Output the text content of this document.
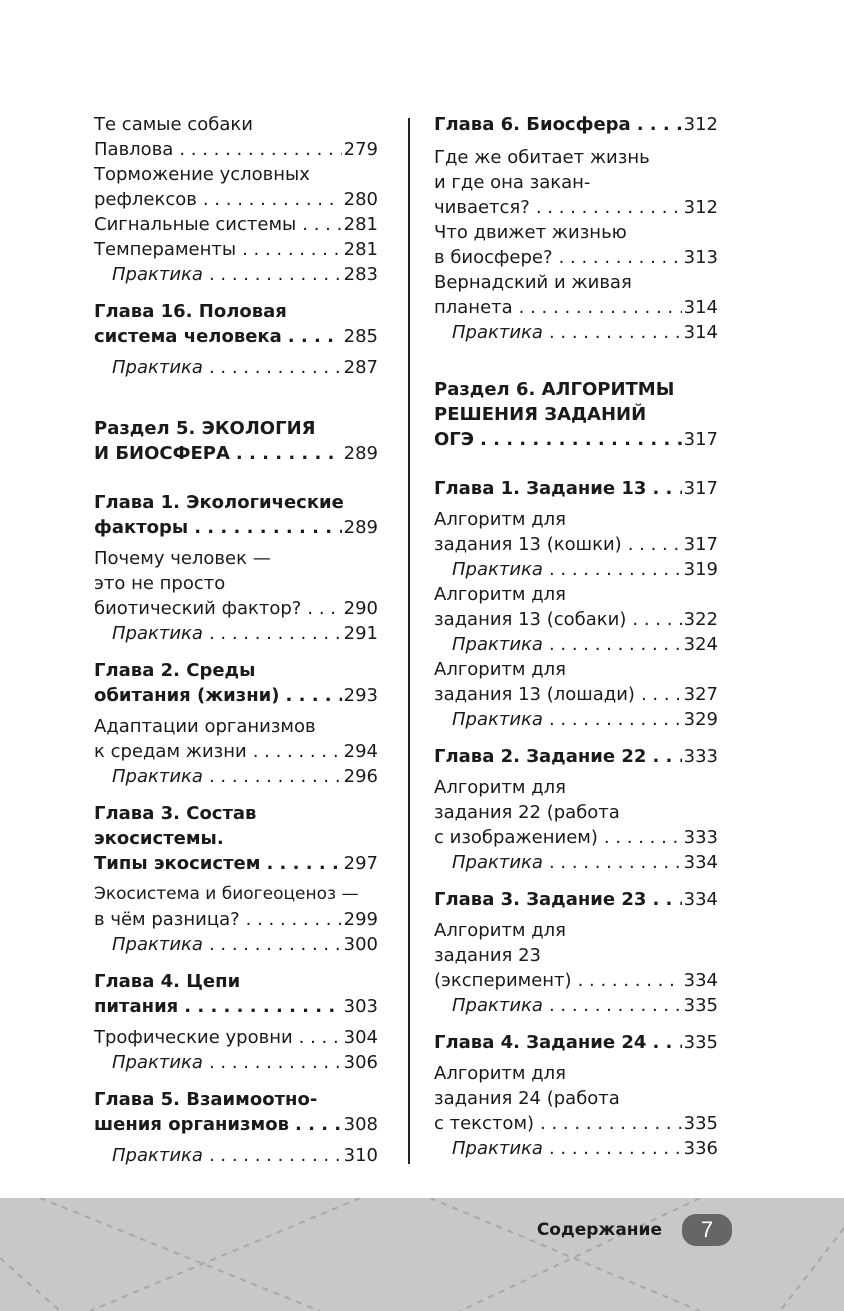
Те самые собаки
Павлова . . .	279
Торможение условных
рефлексов . . .	280
Сигнальные системы . . .	281
Темпераменты . . .	281
Практика . . .	283
Глава 16. Половая
система человека . . .	285
Практика . . .	287
Раздел 5. ЭКОЛОГИЯ
И БИОСФЕРА . . .	289
Глава 1. Экологические
факторы . . .	289
Почему человек —
это не просто
биотический фактор? . . . 290
Практика . . .	291
Глава 2. Среды
обитания (жизни) . . .	293
Адаптации организмов
к средам жизни . . .	294
Практика . . .	296
Глава 3. Состав
экосистемы.
Типы экосистем . . .	297
Экосистема и биогеоценоз —
в чём разница? . . .	299
Практика . . .	300
Глава 4. Цепи
питания . . .	303
Трофические уровни . . .	304
Практика . . .	306
Глава 5. Взаимоотно-
шения организмов . . .	308
Практика . . .	310
Глава 6. Биосфера . . .	312
Где же обитает жизнь
и где она закан-
чивается? . . .	312
Что движет жизнью
в биосфере? . . .	313
Вернадский и живая
планета . . .	314
Практика . . .	314
Раздел 6. АЛГОРИТМЫ
РЕШЕНИЯ ЗАДАНИЙ
ОГЭ . . .	317
Глава 1. Задание 13 . . . 317
Алгоритм для
задания 13 (кошки) . . .	317
Практика . . .	319
Алгоритм для
задания 13 (собаки) . . .	322
Практика . . .	324
Алгоритм для
задания 13 (лошади) . . .	327
Практика . . .	329
Глава 2. Задание 22 . . . 333
Алгоритм для
задания 22 (работа
с изображением) . . .	333
Практика . . .	334
Глава 3. Задание 23 . . . 334
Алгоритм для
задания 23
(эксперимент) . . .	334
Практика . . .	335
Глава 4. Задание 24 . . . 335
Алгоритм для
задания 24 (работа
с текстом) . . .	335
Практика . . .	336
Содержание	7
